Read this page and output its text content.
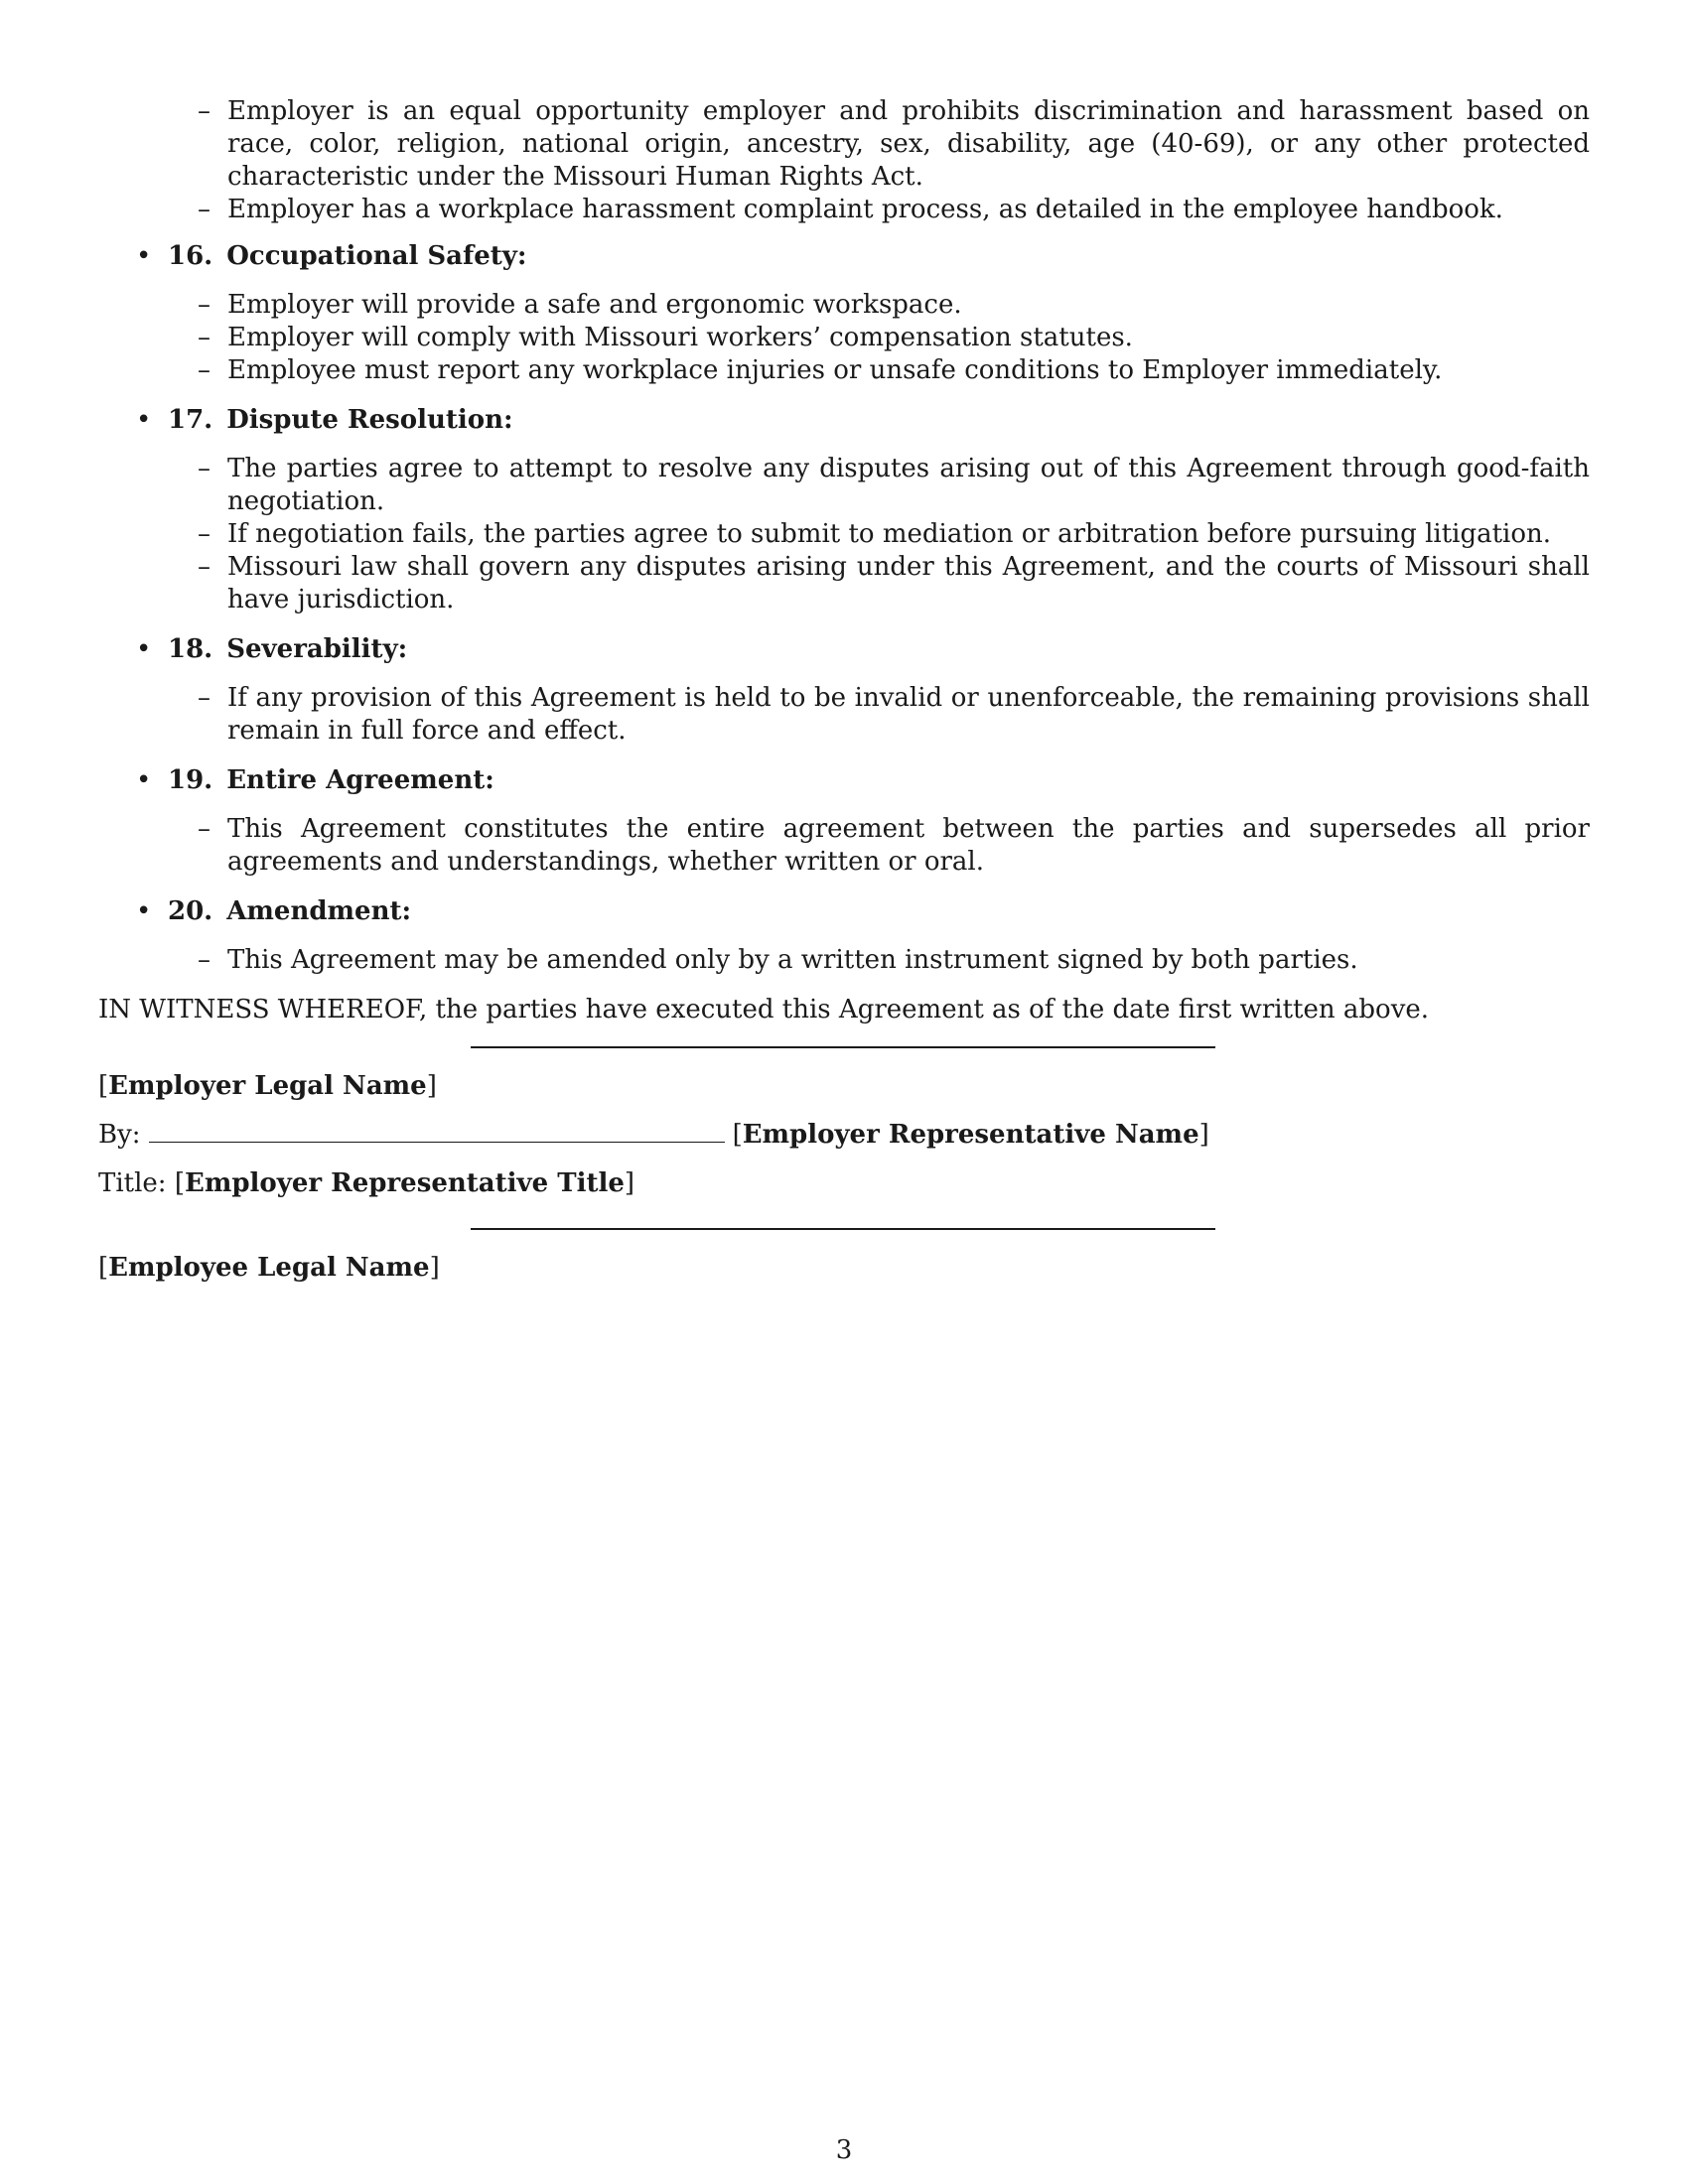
– Employer is an equal opportunity employer and prohibits discrimination and harassment based on race, color, religion, national origin, ancestry, sex, disability, age (40-69), or any other protected characteristic under the Missouri Human Rights Act.
– Employer has a workplace harassment complaint process, as detailed in the employee handbook.
• 16. Occupational Safety:
– Employer will provide a safe and ergonomic workspace.
– Employer will comply with Missouri workers’ compensation statutes.
– Employee must report any workplace injuries or unsafe conditions to Employer immediately.
• 17. Dispute Resolution:
– The parties agree to attempt to resolve any disputes arising out of this Agreement through good-faith negotiation.
– If negotiation fails, the parties agree to submit to mediation or arbitration before pursuing litigation.
– Missouri law shall govern any disputes arising under this Agreement, and the courts of Missouri shall have jurisdiction.
• 18. Severability:
– If any provision of this Agreement is held to be invalid or unenforceable, the remaining provisions shall remain in full force and effect.
• 19. Entire Agreement:
– This Agreement constitutes the entire agreement between the parties and supersedes all prior agreements and understandings, whether written or oral.
• 20. Amendment:
– This Agreement may be amended only by a written instrument signed by both parties.

IN WITNESS WHEREOF, the parties have executed this Agreement as of the date first written above.

[Employer Legal Name]
By:	[Employer Representative Name]
Title: [Employer Representative Title]
[Employee Legal Name]
3
